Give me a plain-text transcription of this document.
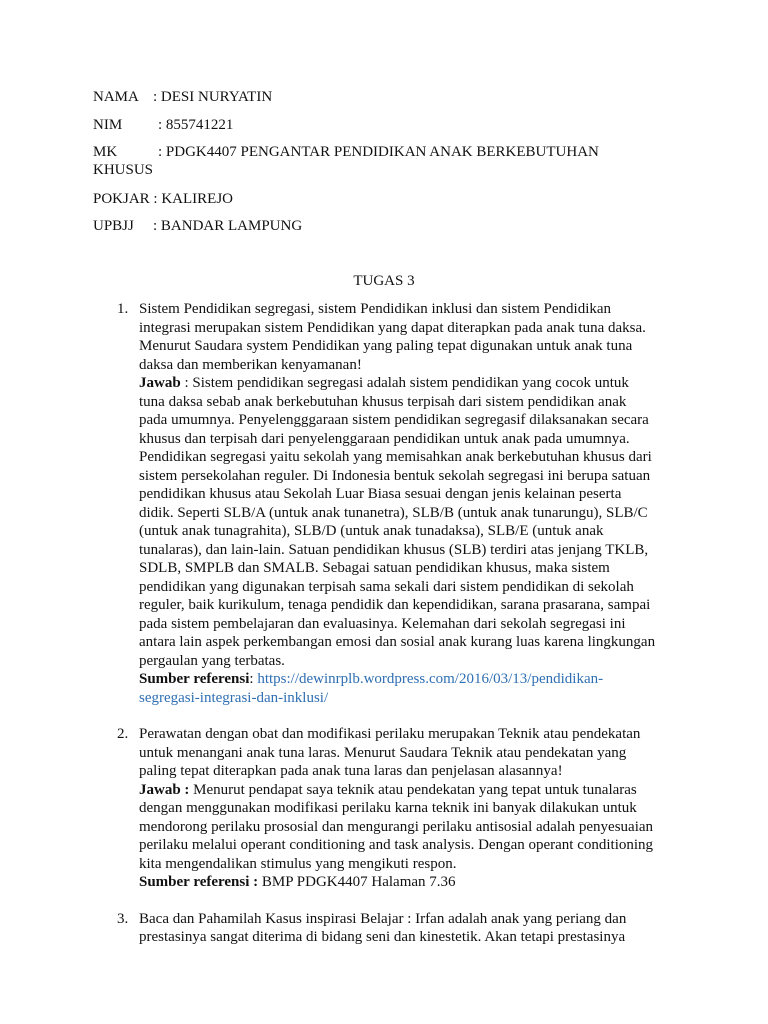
NAMA : DESI NURYATIN
NIM : 855741221
MK	: PDGK4407 PENGANTAR PENDIDIKAN ANAK BERKEBUTUHAN
KHUSUS
POKJAR : KALIREJO
UPBJJ : BANDAR LAMPUNG
TUGAS 3
1. Sistem Pendidikan segregasi, sistem Pendidikan inklusi dan sistem Pendidikan integrasi merupakan sistem Pendidikan yang dapat diterapkan pada anak tuna daksa. Menurut Saudara system Pendidikan yang paling tepat digunakan untuk anak tuna daksa dan memberikan kenyamanan!

Jawab : Sistem pendidikan segregasi adalah sistem pendidikan yang cocok untuk tuna daksa sebab anak berkebutuhan khusus terpisah dari sistem pendidikan anak pada umumnya. Penyelengggaraan sistem pendidikan segregasif dilaksanakan secara khusus dan terpisah dari penyelenggaraan pendidikan untuk anak pada umumnya. Pendidikan segregasi yaitu sekolah yang memisahkan anak berkebutuhan khusus dari sistem persekolahan reguler. Di Indonesia bentuk sekolah segregasi ini berupa satuan pendidikan khusus atau Sekolah Luar Biasa sesuai dengan jenis kelainan peserta didik. Seperti SLB/A (untuk anak tunanetra), SLB/B (untuk anak tunarungu), SLB/C (untuk anak tunagrahita), SLB/D (untuk anak tunadaksa), SLB/E (untuk anak tunalaras), dan lain-lain. Satuan pendidikan khusus (SLB) terdiri atas jenjang TKLB, SDLB, SMPLB dan SMALB. Sebagai satuan pendidikan khusus, maka sistem pendidikan yang digunakan terpisah sama sekali dari sistem pendidikan di sekolah reguler, baik kurikulum, tenaga pendidik dan kependidikan, sarana prasarana, sampai pada sistem pembelajaran dan evaluasinya. Kelemahan dari sekolah segregasi ini antara lain aspek perkembangan emosi dan sosial anak kurang luas karena lingkungan pergaulan yang terbatas.

Sumber referensi: https://dewinrplb.wordpress.com/2016/03/13/pendidikan-segregasi-integrasi-dan-inklusi/

2. Perawatan dengan obat dan modifikasi perilaku merupakan Teknik atau pendekatan untuk menangani anak tuna laras. Menurut Saudara Teknik atau pendekatan yang paling tepat diterapkan pada anak tuna laras dan penjelasan alasannya!

Jawab : Menurut pendapat saya teknik atau pendekatan yang tepat untuk tunalaras dengan menggunakan modifikasi perilaku karna teknik ini banyak dilakukan untuk mendorong perilaku prososial dan mengurangi perilaku antisosial adalah penyesuaian perilaku melalui operant conditioning and task analysis. Dengan operant conditioning kita mengendalikan stimulus yang mengikuti respon.

Sumber referensi : BMP PDGK4407 Halaman 7.36

3. Baca dan Pahamilah Kasus inspirasi Belajar : Irfan adalah anak yang periang dan prestasinya sangat diterima di bidang seni dan kinestetik. Akan tetapi prestasinya
